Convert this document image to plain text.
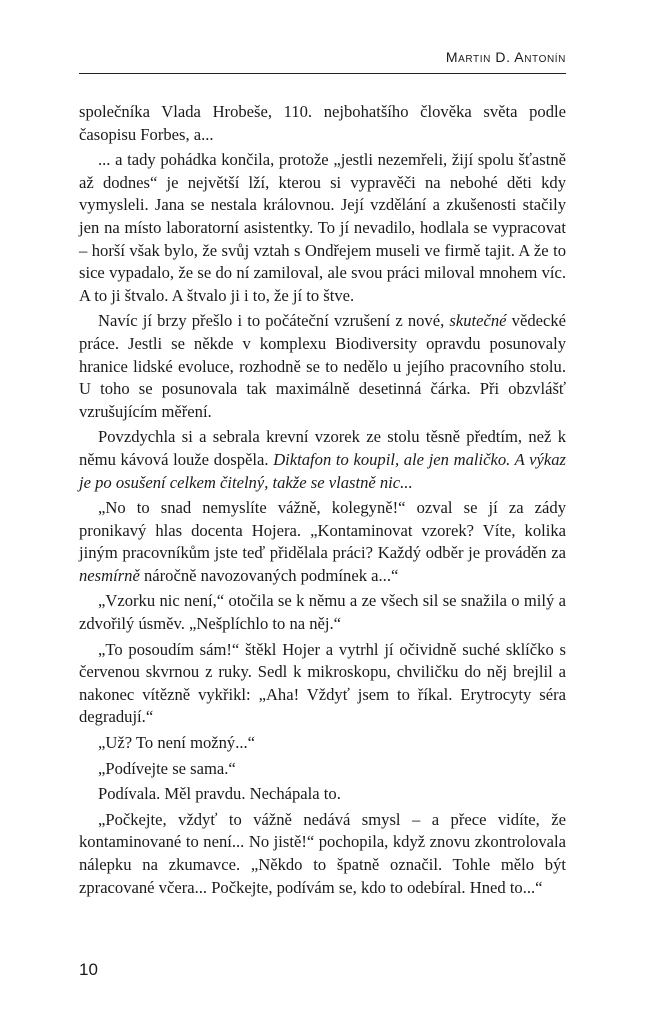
Martin D. Antonín

společníka Vlada Hrobeše, 110. nejbohatšího člověka světa podle časopisu Forbes, a...

... a tady pohádka končila, protože „jestli nezemřeli, žijí spolu šťastně až dodnes“ je největší lží, kterou si vypravěči na nebohé děti kdy vymysleli. Jana se nestala královnou. Její vzdělání a zkušenosti stačily jen na místo laboratorní asistentky. To jí nevadilo, hodlala se vypracovat – horší však bylo, že svůj vztah s Ondřejem museli ve firmě tajit. A že to sice vypadalo, že se do ní zamiloval, ale svou práci miloval mnohem víc. A to ji štvalo. A štvalo ji i to, že jí to štve.

Navíc jí brzy přešlo i to počáteční vzrušení z nové, skutečné vědecké práce. Jestli se někde v komplexu Biodiversity opravdu posunovaly hranice lidské evoluce, rozhodně se to nedělo u jejího pracovního stolu. U toho se posunovala tak maximálně desetinná čárka. Při obzvlášť vzrušujícím měření.

Povzdychla si a sebrala krevní vzorek ze stolu těsně předtím, než k němu kávová louže dospěla. Diktafon to koupil, ale jen maličko. A výkaz je po osušení celkem čitelný, takže se vlastně nic...

„No to snad nemyslíte vážně, kolegyně!“ ozval se jí za zády pronikavý hlas docenta Hojera. „Kontaminovat vzorek? Víte, kolika jiným pracovníkům jste teď přidělala práci? Každý odběr je prováděn za nesmírně náročně navozovaných podmínek a...“

„Vzorku nic není,“ otočila se k němu a ze všech sil se snažila o milý a zdvořilý úsměv. „Nešplíchlo to na něj.“

„To posoudím sám!“ štěkl Hojer a vytrhl jí očividně suché sklíčko s červenou skvrnou z ruky. Sedl k mikroskopu, chviličku do něj brejlil a nakonec vítězně vykřikl: „Aha! Vždyť jsem to říkal. Erytrocyty séra degradují.“

„Už? To není možný...“

„Podívejte se sama.“

Podívala. Měl pravdu. Nechápala to.

„Počkejte, vždyť to vážně nedává smysl – a přece vidíte, že kontaminované to není... No jistě!“ pochopila, když znovu zkontrolovala nálepku na zkumavce. „Někdo to špatně označil. Tohle mělo být zpracované včera... Počkejte, podívám se, kdo to odebíral. Hned to...“

10
